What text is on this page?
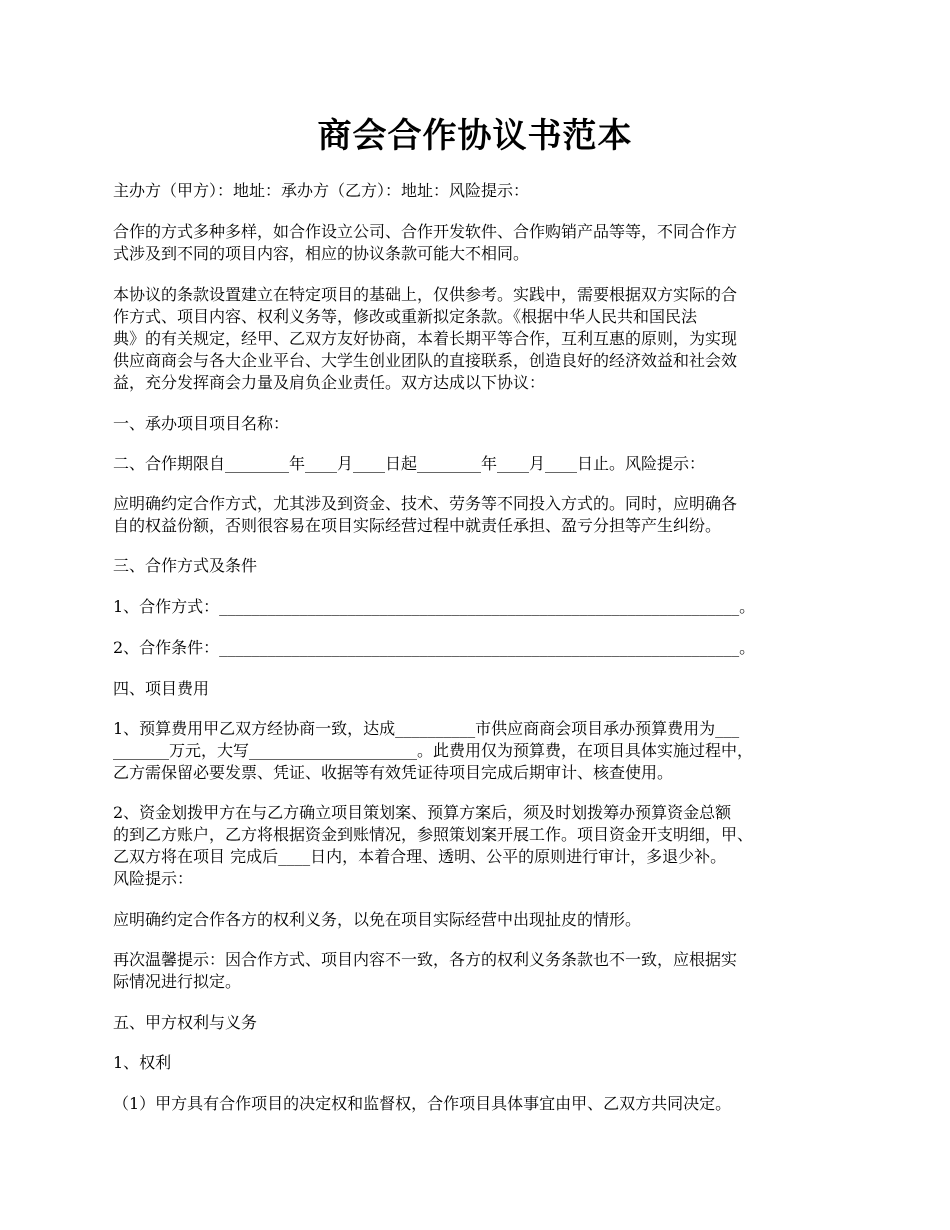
商会合作协议书范本
主办方（甲方）：地址：承办方（乙方）：地址：风险提示：
合作的方式多种多样，如合作设立公司、合作开发软件、合作购销产品等等，不同合作方
式涉及到不同的项目内容，相应的协议条款可能大不相同。
本协议的条款设置建立在特定项目的基础上，仅供参考。实践中，需要根据双方实际的合
作方式、项目内容、权利义务等，修改或重新拟定条款。《根据中华人民共和国民法
典》的有关规定，经甲、乙双方友好协商，本着长期平等合作，互利互惠的原则，为实现
供应商商会与各大企业平台、大学生创业团队的直接联系，创造良好的经济效益和社会效
益，充分发挥商会力量及肩负企业责任。双方达成以下协议：
一、承办项目项目名称：
二、合作期限自________年____月____日起________年____月____日止。风险提示：
应明确约定合作方式，尤其涉及到资金、技术、劳务等不同投入方式的。同时，应明确各
自的权益份额，否则很容易在项目实际经营过程中就责任承担、盈亏分担等产生纠纷。
三、合作方式及条件
1、合作方式：_________________________________________________________________。
2、合作条件：_________________________________________________________________。
四、项目费用
1、预算费用甲乙双方经协商一致，达成__________市供应商商会项目承办预算费用为___
_______万元，大写_____________________。此费用仅为预算费，在项目具体实施过程中，
乙方需保留必要发票、凭证、收据等有效凭证待项目完成后期审计、核查使用。
2、资金划拨甲方在与乙方确立项目策划案、预算方案后，须及时划拨筹办预算资金总额
的到乙方账户，乙方将根据资金到账情况，参照策划案开展工作。项目资金开支明细，甲、
乙双方将在项目 完成后____日内，本着合理、透明、公平的原则进行审计，多退少补。
风险提示：
应明确约定合作各方的权利义务，以免在项目实际经营中出现扯皮的情形。
再次温馨提示：因合作方式、项目内容不一致，各方的权利义务条款也不一致，应根据实
际情况进行拟定。
五、甲方权利与义务
1、权利
（1）甲方具有合作项目的决定权和监督权，合作项目具体事宜由甲、乙双方共同决定。
